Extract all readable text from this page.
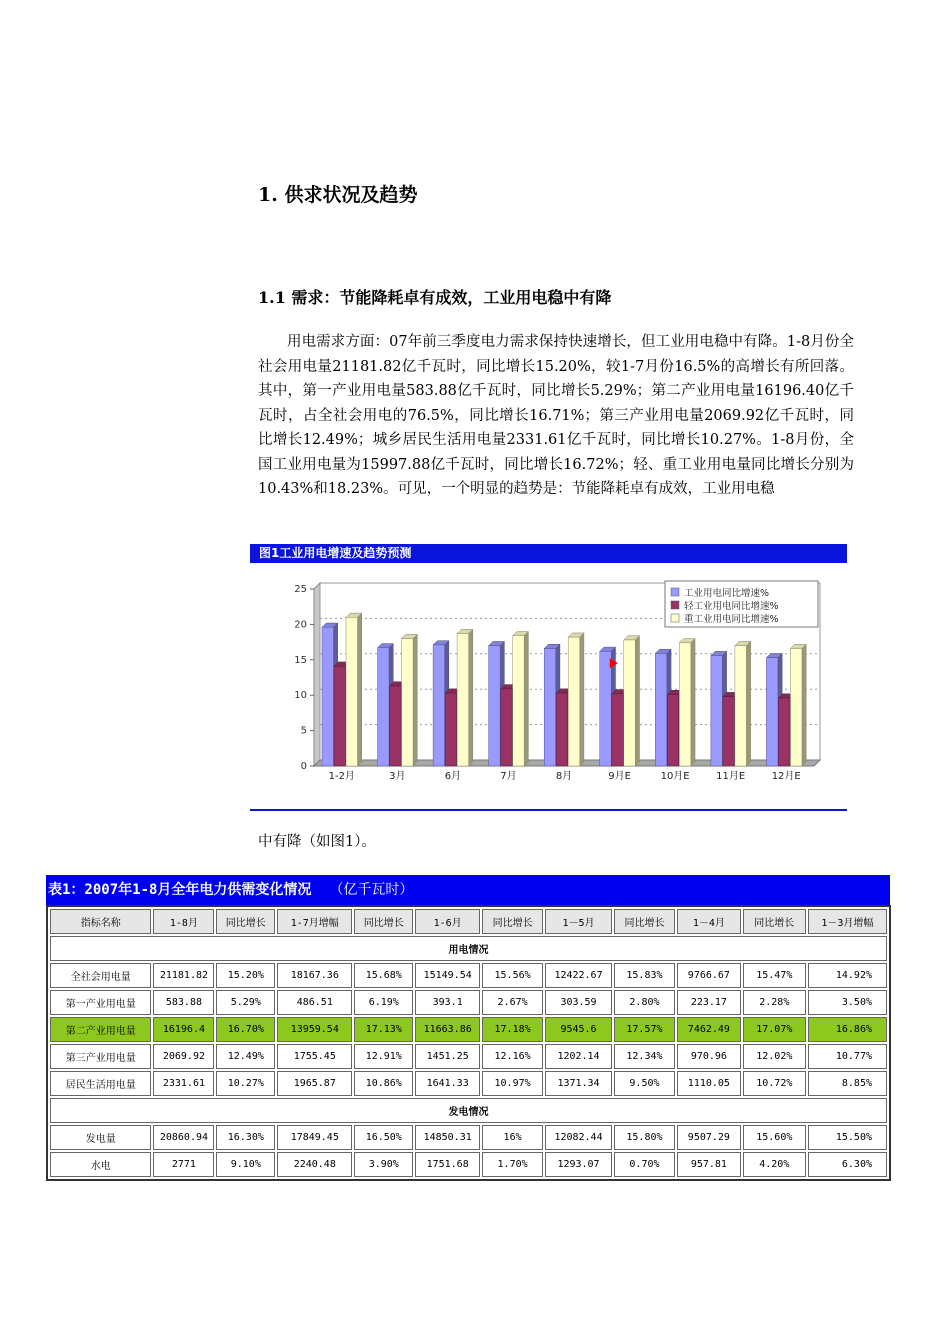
1. 供求状况及趋势
1.1 需求：节能降耗卓有成效，工业用电稳中有降
用电需求方面：07年前三季度电力需求保持快速增长，但工业用电稳中有降。1-8月份全社会用电量21181.82亿千瓦时，同比增长15.20%，较1-7月份16.5%的高增长有所回落。其中，第一产业用电量583.88亿千瓦时，同比增长5.29%；第二产业用电量16196.40亿千瓦时，占全社会用电的76.5%，同比增长16.71%；第三产业用电量2069.92亿千瓦时，同比增长12.49%；城乡居民生活用电量2331.61亿千瓦时，同比增长10.27%。1-8月份，全国工业用电量为15997.88亿千瓦时，同比增长16.72%；轻、重工业用电量同比增长分别为10.43%和18.23%。可见，一个明显的趋势是：节能降耗卓有成效，工业用电稳
图1工业用电增速及趋势预测
0
5
10
15
20
25
1-2月	3月	6月	7月	8月	9月E	10月E	11月E	12月E
工业用电同比增速%
轻工业用电同比增速%
重工业用电同比增速%
中有降（如图1）。
表1：2007年1-8月全年电力供需变化情况 （亿千瓦时）
指标名称	1-8月	同比增长	1-7月增幅	同比增长	1-6月	同比增长	1－5月	同比增长	1－4月	同比增长	1－3月增幅
用电情况											
全社会用电量	21181.82	15.20%	18167.36	15.68%	15149.54	15.56%	12422.67	15.83%	9766.67	15.47%	14.92%
第一产业用电量	583.88	5.29%	486.51	6.19%	393.1	2.67%	303.59	2.80%	223.17	2.28%	3.50%
第二产业用电量	16196.4	16.70%	13959.54	17.13%	11663.86	17.18%	9545.6	17.57%	7462.49	17.07%	16.86%
第三产业用电量	2069.92	12.49%	1755.45	12.91%	1451.25	12.16%	1202.14	12.34%	970.96	12.02%	10.77%
居民生活用电量	2331.61	10.27%	1965.87	10.86%	1641.33	10.97%	1371.34	9.50%	1110.05	10.72%	8.85%
发电情况											
发电量	20860.94	16.30%	17849.45	16.50%	14850.31	16%	12082.44	15.80%	9507.29	15.60%	15.50%
水电	2771	9.10%	2240.48	3.90%	1751.68	1.70%	1293.07	0.70%	957.81	4.20%	6.30%
